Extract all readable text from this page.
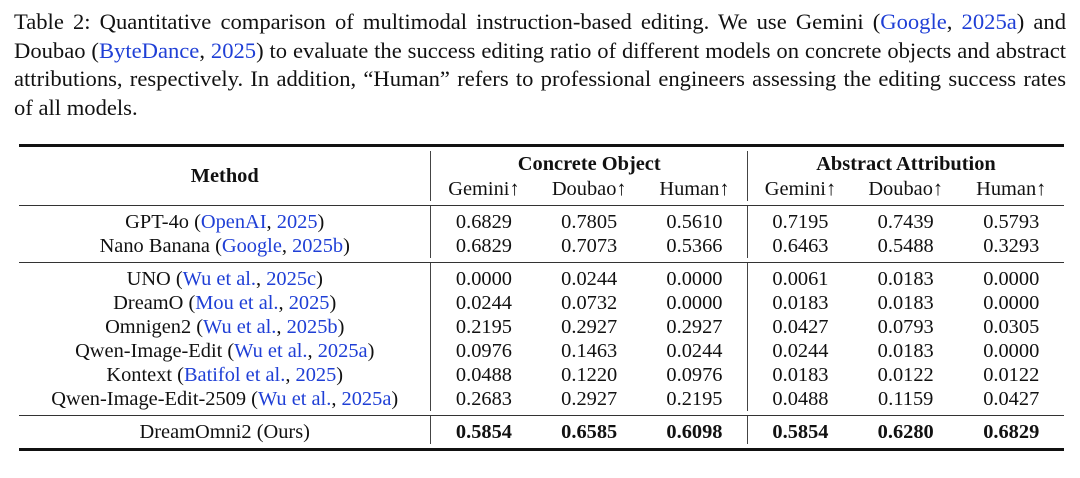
Table 2: Quantitative comparison of multimodal instruction-based editing. We use Gemini (Google, 2025a) and Doubao (ByteDance, 2025) to evaluate the success editing ratio of different models on concrete objects and abstract attributions, respectively. In addition, “Human” refers to professional engineers assessing the editing success rates of all models.

Method	Concrete Object			Abstract Attribution		
	Gemini↑	Doubao↑	Human↑	Gemini↑	Doubao↑	Human↑

GPT-4o (OpenAI, 2025)	0.6829	0.7805	0.5610	0.7195	0.7439	0.5793
Nano Banana (Google, 2025b)	0.6829	0.7073	0.5366	0.6463	0.5488	0.3293

UNO (Wu et al., 2025c)	0.0000	0.0244	0.0000	0.0061	0.0183	0.0000
DreamO (Mou et al., 2025)	0.0244	0.0732	0.0000	0.0183	0.0183	0.0000
Omnigen2 (Wu et al., 2025b)	0.2195	0.2927	0.2927	0.0427	0.0793	0.0305
Qwen-Image-Edit (Wu et al., 2025a)	0.0976	0.1463	0.0244	0.0244	0.0183	0.0000
Kontext (Batifol et al., 2025)	0.0488	0.1220	0.0976	0.0183	0.0122	0.0122
Qwen-Image-Edit-2509 (Wu et al., 2025a)	0.2683	0.2927	0.2195	0.0488	0.1159	0.0427

DreamOmni2 (Ours)	0.5854	0.6585	0.6098	0.5854	0.6280	0.6829
